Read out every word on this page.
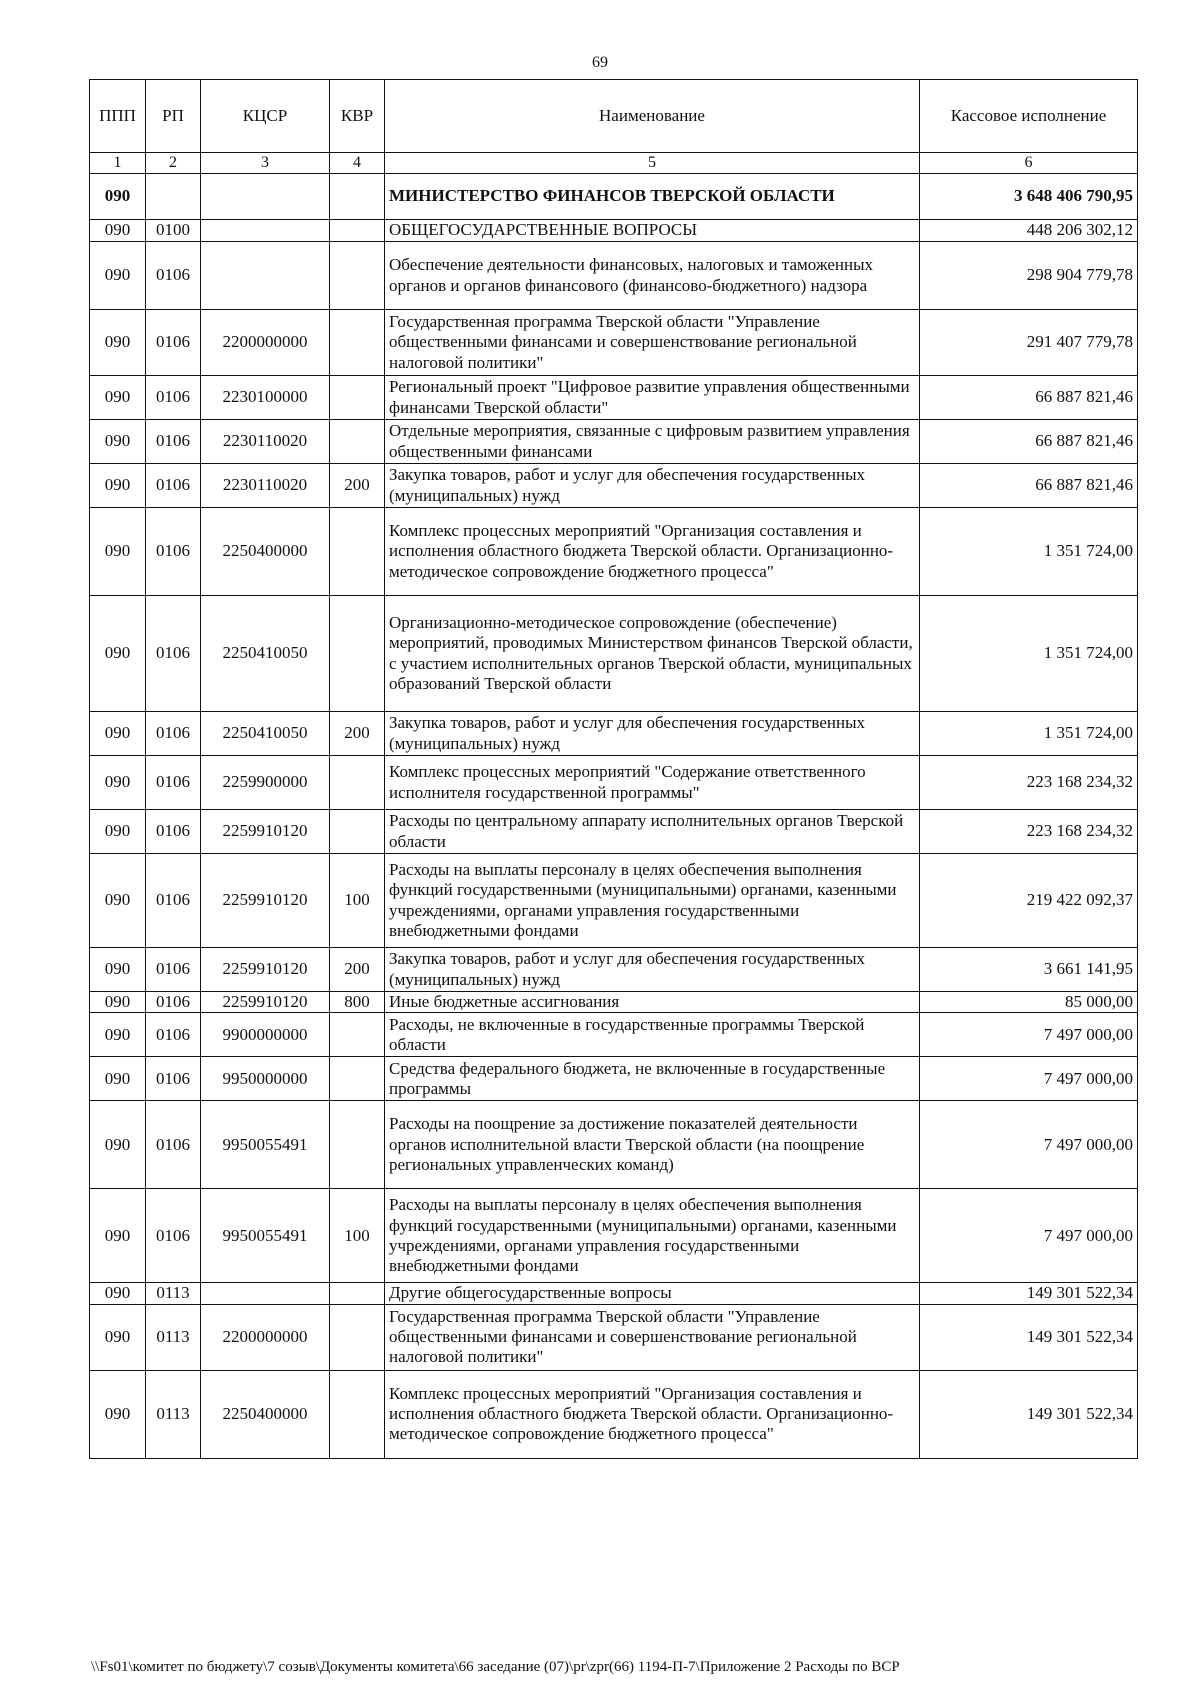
69
ППП	РП	КЦСР	КВР	Наименование	Кассовое исполнение
1	2	3	4	5	6
090				МИНИСТЕРСТВО ФИНАНСОВ ТВЕРСКОЙ ОБЛАСТИ	3 648 406 790,95
090	0100			ОБЩЕГОСУДАРСТВЕННЫЕ ВОПРОСЫ	448 206 302,12
090	0106			Обеспечение деятельности финансовых, налоговых и таможенных органов и органов финансового (финансово-бюджетного) надзора	298 904 779,78
090	0106	2200000000		Государственная программа Тверской области "Управление общественными финансами и совершенствование региональной налоговой политики"	291 407 779,78
090	0106	2230100000		Региональный проект "Цифровое развитие управления общественными финансами Тверской области"	66 887 821,46
090	0106	2230110020		Отдельные мероприятия, связанные с цифровым развитием управления общественными финансами	66 887 821,46
090	0106	2230110020	200	Закупка товаров, работ и услуг для обеспечения государственных (муниципальных) нужд	66 887 821,46
090	0106	2250400000		Комплекс процессных мероприятий "Организация составления и исполнения областного бюджета Тверской области. Организационно-методическое сопровождение бюджетного процесса"	1 351 724,00
090	0106	2250410050		Организационно-методическое сопровождение (обеспечение) мероприятий, проводимых Министерством финансов Тверской области, с участием исполнительных органов Тверской области, муниципальных образований Тверской области	1 351 724,00
090	0106	2250410050	200	Закупка товаров, работ и услуг для обеспечения государственных (муниципальных) нужд	1 351 724,00
090	0106	2259900000		Комплекс процессных мероприятий "Содержание ответственного исполнителя государственной программы"	223 168 234,32
090	0106	2259910120		Расходы по центральному аппарату исполнительных органов Тверской области	223 168 234,32
090	0106	2259910120	100	Расходы на выплаты персоналу в целях обеспечения выполнения функций государственными (муниципальными) органами, казенными учреждениями, органами управления государственными внебюджетными фондами	219 422 092,37
090	0106	2259910120	200	Закупка товаров, работ и услуг для обеспечения государственных (муниципальных) нужд	3 661 141,95
090	0106	2259910120	800	Иные бюджетные ассигнования	85 000,00
090	0106	9900000000		Расходы, не включенные в государственные программы Тверской области	7 497 000,00
090	0106	9950000000		Средства федерального бюджета, не включенные в государственные программы	7 497 000,00
090	0106	9950055491		Расходы на поощрение за достижение показателей деятельности органов исполнительной власти Тверской области (на поощрение региональных управленческих команд)	7 497 000,00
090	0106	9950055491	100	Расходы на выплаты персоналу в целях обеспечения выполнения функций государственными (муниципальными) органами, казенными учреждениями, органами управления государственными внебюджетными фондами	7 497 000,00
090	0113			Другие общегосударственные вопросы	149 301 522,34
090	0113	2200000000		Государственная программа Тверской области "Управление общественными финансами и совершенствование региональной налоговой политики"	149 301 522,34
090	0113	2250400000		Комплекс процессных мероприятий "Организация составления и исполнения областного бюджета Тверской области. Организационно-методическое сопровождение бюджетного процесса"	149 301 522,34
\\Fs01\комитет по бюджету\7 созыв\Документы комитета\66 заседание (07)\pr\zpr(66) 1194-П-7\Приложение 2 Расходы по ВСР
